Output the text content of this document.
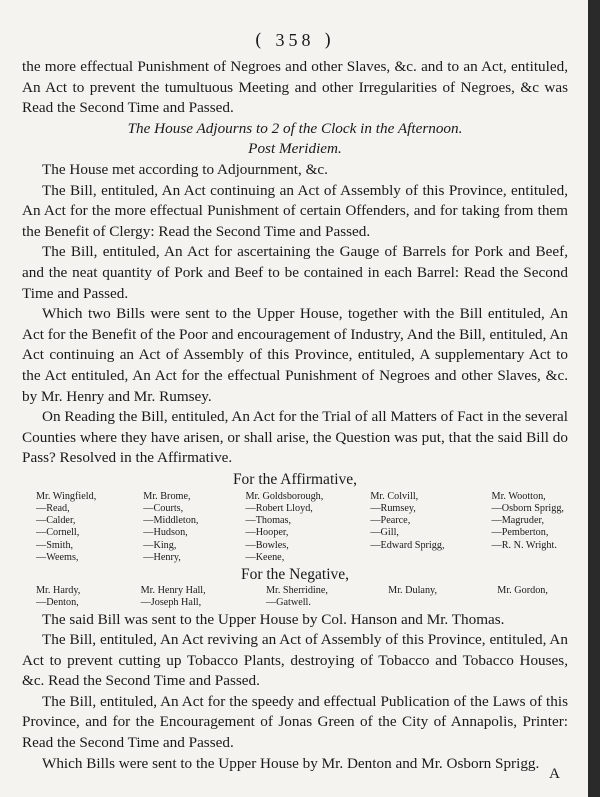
( 358 )

the more effectual Punishment of Negroes and other Slaves, &c. and to an Act, entituled, An Act to prevent the tumultuous Meeting and other Irregularities of Negroes, &c was Read the Second Time and Passed.

The House Adjourns to 2 of the Clock in the Afternoon.

Post Meridiem.

The House met according to Adjournment, &c.

The Bill, entituled, An Act continuing an Act of Assembly of this Province, entituled, An Act for the more effectual Punishment of certain Offenders, and for taking from them the Benefit of Clergy: Read the Second Time and Passed.

The Bill, entituled, An Act for ascertaining the Gauge of Barrels for Pork and Beef, and the neat quantity of Pork and Beef to be contained in each Barrel: Read the Second Time and Passed.

Which two Bills were sent to the Upper House, together with the Bill entituled, An Act for the Benefit of the Poor and encouragement of Industry, And the Bill, entituled, An Act continuing an Act of Assembly of this Province, entituled, A supplementary Act to the Act entituled, An Act for the effectual Punishment of Negroes and other Slaves, &c. by Mr. Henry and Mr. Rumsey.

On Reading the Bill, entituled, An Act for the Trial of all Matters of Fact in the several Counties where they have arisen, or shall arise, the Question was put, that the said Bill do Pass? Resolved in the Affirmative.

For the Affirmative,
Mr. Wingfield,
—Read,
—Calder,
—Cornell,
—Smith,
—Weems,
Mr. Brome,
—Courts,
—Middleton,
—Hudson,
—King,
—Henry,
Mr. Goldsborough,
—Robert Lloyd,
—Thomas,
—Hooper,
—Bowles,
—Keene,
Mr. Colvill,
—Rumsey,
—Pearce,
—Gill,
—Edward Sprigg,
Mr. Wootton,
—Osborn Sprigg,
—Magruder,
—Pemberton,
—R. N. Wright.
For the Negative,
Mr. Hardy,
—Denton,
Mr. Henry Hall,
—Joseph Hall,
Mr. Sherridine,
—Gatwell.
Mr. Dulany,	Mr. Gordon,

The said Bill was sent to the Upper House by Col. Hanson and Mr. Thomas.

The Bill, entituled, An Act reviving an Act of Assembly of this Province, entituled, An Act to prevent cutting up Tobacco Plants, destroying of Tobacco and Tobacco Houses, &c. Read the Second Time and Passed.

The Bill, entituled, An Act for the speedy and effectual Publication of the Laws of this Province, and for the Encouragement of Jonas Green of the City of Annapolis, Printer: Read the Second Time and Passed.

Which Bills were sent to the Upper House by Mr. Denton and Mr. Osborn Sprigg.

A
